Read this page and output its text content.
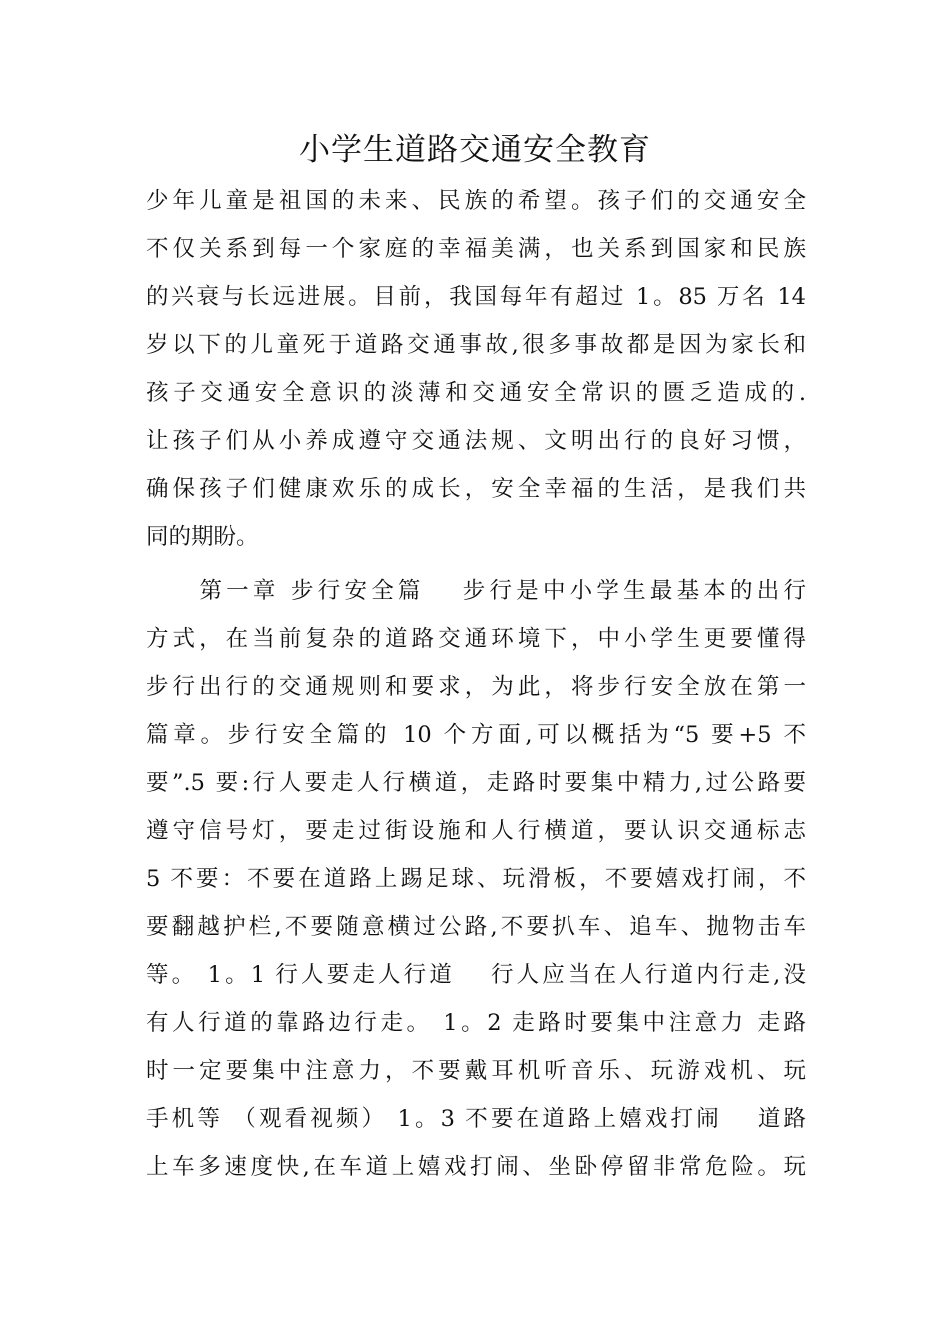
小学生道路交通安全教育
少年儿童是祖国的未来、民族的希望。孩子们的交通安全
不仅关系到每一个家庭的幸福美满，也关系到国家和民族
的兴衰与长远进展。目前，我国每年有超过 1。85 万名 14
岁以下的儿童死于道路交通事故,很多事故都是因为家长和
孩子交通安全意识的淡薄和交通安全常识的匮乏造成的.
让孩子们从小养成遵守交通法规、文明出行的良好习惯，
确保孩子们健康欢乐的成长，安全幸福的生活，是我们共
同的期盼。
　　第一章 步行安全篇　 步行是中小学生最基本的出行
方式，在当前复杂的道路交通环境下，中小学生更要懂得
步行出行的交通规则和要求，为此，将步行安全放在第一
篇章。步行安全篇的 10 个方面,可以概括为“5 要+5 不
要”.5 要:行人要走人行横道，走路时要集中精力,过公路要
遵守信号灯，要走过街设施和人行横道，要认识交通标志
5 不要：不要在道路上踢足球、玩滑板，不要嬉戏打闹，不
要翻越护栏,不要随意横过公路,不要扒车、追车、抛物击车
等。 1。1 行人要走人行道　 行人应当在人行道内行走,没
有人行道的靠路边行走。 1。2 走路时要集中注意力 走路
时一定要集中注意力，不要戴耳机听音乐、玩游戏机、玩
手机等 （观看视频） 1。3 不要在道路上嬉戏打闹　 道路
上车多速度快,在车道上嬉戏打闹、坐卧停留非常危险。玩
